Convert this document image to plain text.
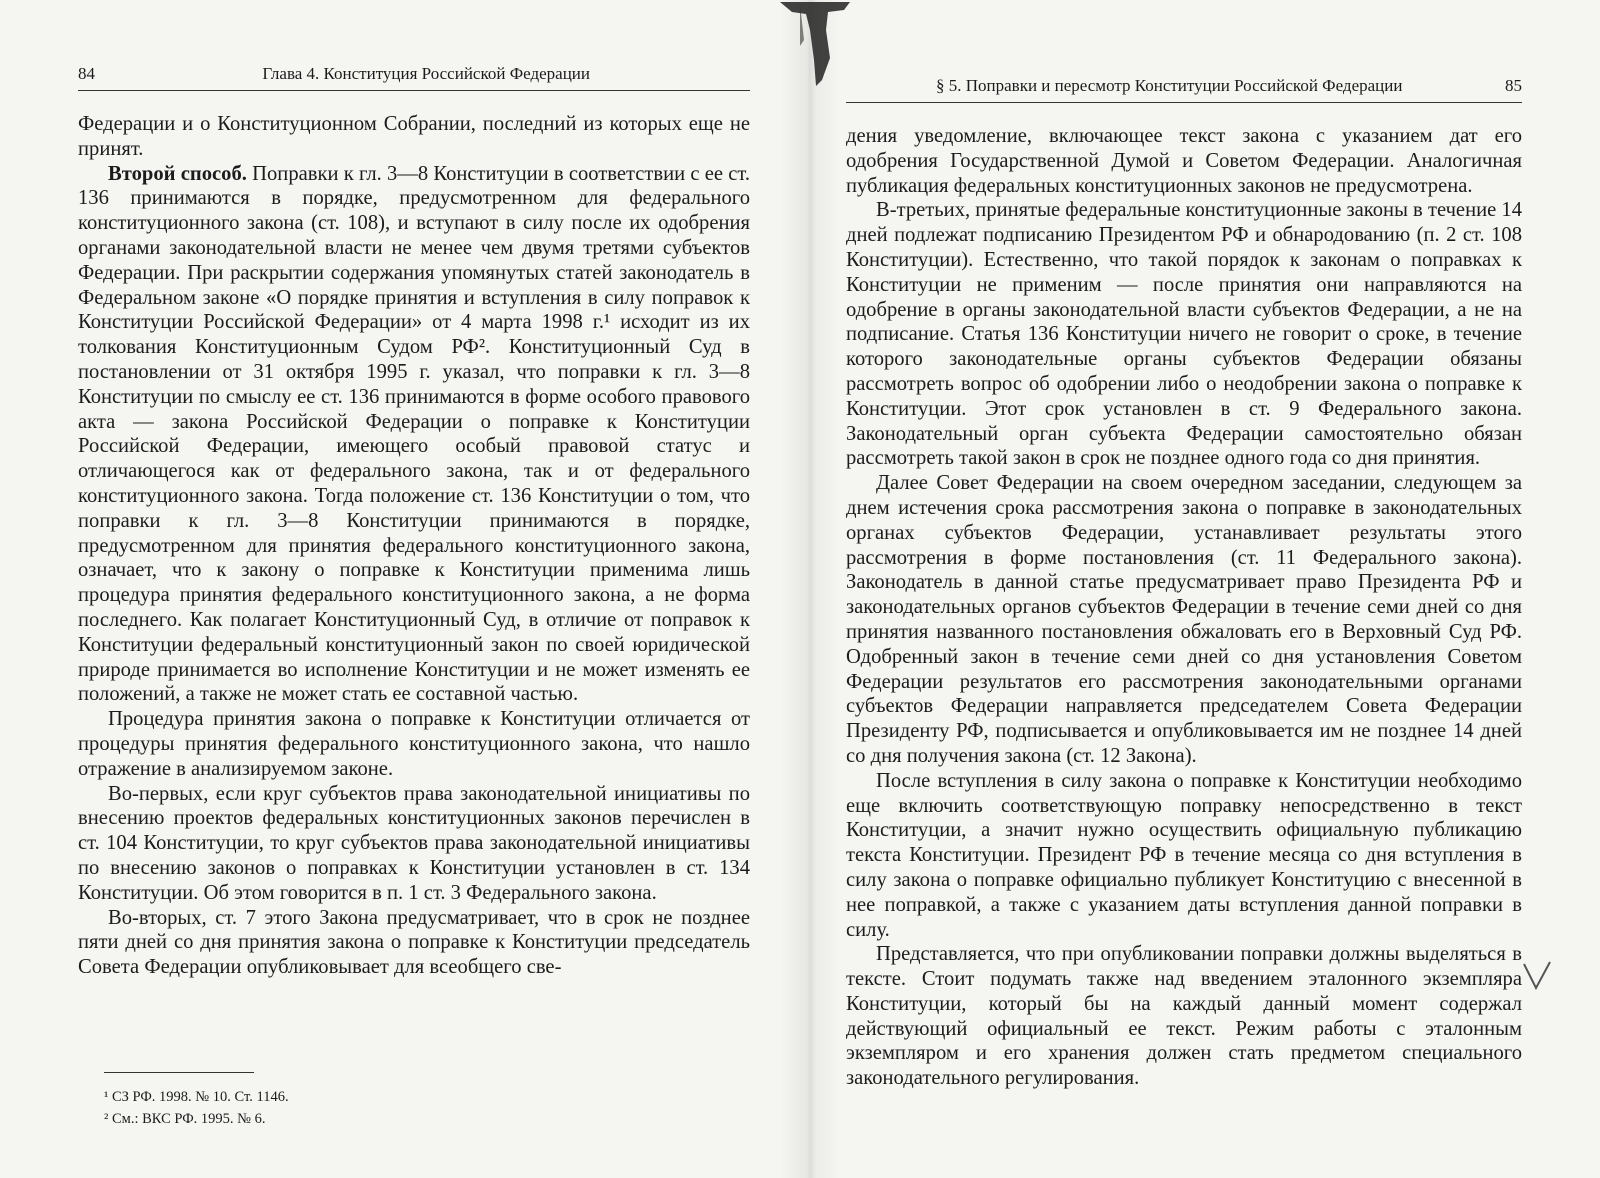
84	Глава 4. Конституция Российской Федерации

Федерации и о Конституционном Собрании, последний из которых еще не принят.

Второй способ. Поправки к гл. 3—8 Конституции в соответствии с ее ст. 136 принимаются в порядке, предусмотренном для федерального конституционного закона (ст. 108), и вступают в силу после их одобрения органами законодательной власти не менее чем двумя третями субъектов Федерации. При раскрытии содержания упомянутых статей законодатель в Федеральном законе «О порядке принятия и вступления в силу поправок к Конституции Российской Федерации» от 4 марта 1998 г.¹ исходит из их толкования Конституционным Судом РФ². Конституционный Суд в постановлении от 31 октября 1995 г. указал, что поправки к гл. 3—8 Конституции по смыслу ее ст. 136 принимаются в форме особого правового акта — закона Российской Федерации о поправке к Конституции Российской Федерации, имеющего особый правовой статус и отличающегося как от федерального закона, так и от федерального конституционного закона. Тогда положение ст. 136 Конституции о том, что поправки к гл. 3—8 Конституции принимаются в порядке, предусмотренном для принятия федерального конституционного закона, означает, что к закону о поправке к Конституции применима лишь процедура принятия федерального конституционного закона, а не форма последнего. Как полагает Конституционный Суд, в отличие от поправок к Конституции федеральный конституционный закон по своей юридической природе принимается во исполнение Конституции и не может изменять ее положений, а также не может стать ее составной частью.

Процедура принятия закона о поправке к Конституции отличается от процедуры принятия федерального конституционного закона, что нашло отражение в анализируемом законе.

Во-первых, если круг субъектов права законодательной инициативы по внесению проектов федеральных конституционных законов перечислен в ст. 104 Конституции, то круг субъектов права законодательной инициативы по внесению законов о поправках к Конституции установлен в ст. 134 Конституции. Об этом говорится в п. 1 ст. 3 Федерального закона.

Во-вторых, ст. 7 этого Закона предусматривает, что в срок не позднее пяти дней со дня принятия закона о поправке к Конституции председатель Совета Федерации опубликовывает для всеобщего све-

¹ СЗ РФ. 1998. № 10. Ст. 1146.
² См.: ВКС РФ. 1995. № 6.
§ 5. Поправки и пересмотр Конституции Российской Федерации	85

дения уведомление, включающее текст закона с указанием дат его одобрения Государственной Думой и Советом Федерации. Аналогичная публикация федеральных конституционных законов не предусмотрена.

В-третьих, принятые федеральные конституционные законы в течение 14 дней подлежат подписанию Президентом РФ и обнародованию (п. 2 ст. 108 Конституции). Естественно, что такой порядок к законам о поправках к Конституции не применим — после принятия они направляются на одобрение в органы законодательной власти субъектов Федерации, а не на подписание. Статья 136 Конституции ничего не говорит о сроке, в течение которого законодательные органы субъектов Федерации обязаны рассмотреть вопрос об одобрении либо о неодобрении закона о поправке к Конституции. Этот срок установлен в ст. 9 Федерального закона. Законодательный орган субъекта Федерации самостоятельно обязан рассмотреть такой закон в срок не позднее одного года со дня принятия.

Далее Совет Федерации на своем очередном заседании, следующем за днем истечения срока рассмотрения закона о поправке в законодательных органах субъектов Федерации, устанавливает результаты этого рассмотрения в форме постановления (ст. 11 Федерального закона). Законодатель в данной статье предусматривает право Президента РФ и законодательных органов субъектов Федерации в течение семи дней со дня принятия названного постановления обжаловать его в Верховный Суд РФ. Одобренный закон в течение семи дней со дня установления Советом Федерации результатов его рассмотрения законодательными органами субъектов Федерации направляется председателем Совета Федерации Президенту РФ, подписывается и опубликовывается им не позднее 14 дней со дня получения закона (ст. 12 Закона).

После вступления в силу закона о поправке к Конституции необходимо еще включить соответствующую поправку непосредственно в текст Конституции, а значит нужно осуществить официальную публикацию текста Конституции. Президент РФ в течение месяца со дня вступления в силу закона о поправке официально публикует Конституцию с внесенной в нее поправкой, а также с указанием даты вступления данной поправки в силу.

Представляется, что при опубликовании поправки должны выделяться в тексте. Стоит подумать также над введением эталонного экземпляра Конституции, который бы на каждый данный момент содержал действующий официальный ее текст. Режим работы с эталонным экземпляром и его хранения должен стать предметом специального законодательного регулирования.
